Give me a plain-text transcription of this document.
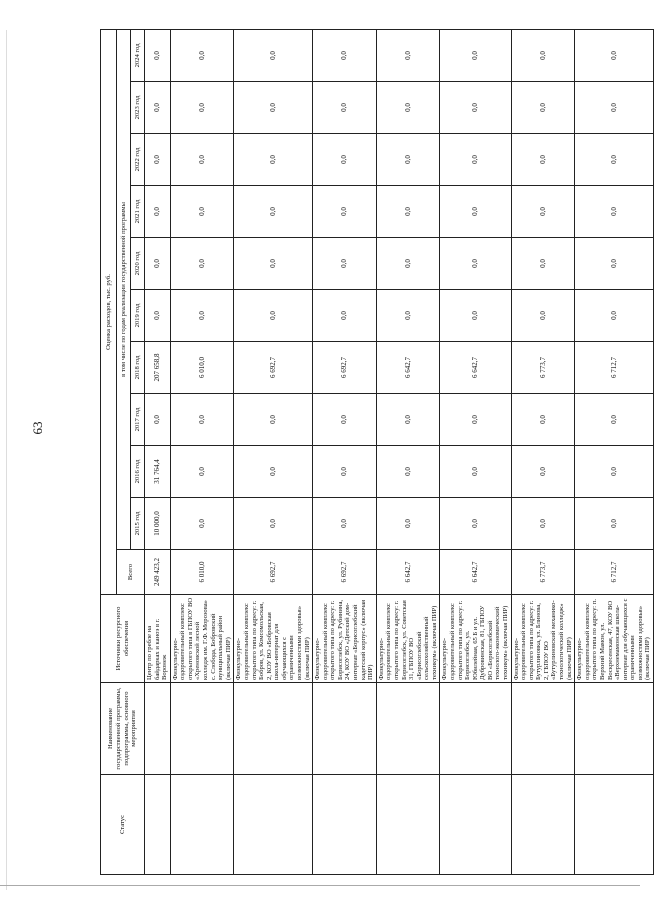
63
Статус	Наименование государственной программы, подпрограммы, основного мероприятия	Источники ресурсного обеспечения	Оценка расходов, тыс. руб.										
			Всего	в том числе по годам реализации государственной программы									
				2015 год	2016 год	2017 год	2018 год	2019 год	2020 год	2021 год	2022 год	2023 год	2024 год
		Центр по гребле на байдарках и каноэ в г. Воронеж	249 423,2	10 000,0	31 764,4	0,0	207 658,8	0,0	0,0	0,0	0,0	0,0	0,0
		Физкультурно-оздоровительный комплекс открытого типа в ГБПОУ ВО «Хреновской лесной колледж им. Г.Ф. Морозова» с. Слобода, Бобровский муниципальный район (включая ПИР)	6 010,0	0,0	0,0	0,0	6 010,0	0,0	0,0	0,0	0,0	0,0	0,0
		Физкультурно-оздоровительный комплекс открытого типа по адресу: г. Бобров, ул. Комсомольская, 2, КОУ ВО «Бобровская школа-интернат для обучающихся с ограниченными возможностями здоровья» (включая ПИР)	6 692,7	0,0	0,0	0,0	6 692,7	0,0	0,0	0,0	0,0	0,0	0,0
		Физкультурно-оздоровительный комплекс открытого типа по адресу: г. Борисоглебск, ул. Рубинина, 24, КОУ ВО «Детский дом-интернат «Борисоглебский кадетский корпус» (включая ПИР)	6 692,7	0,0	0,0	0,0	6 692,7	0,0	0,0	0,0	0,0	0,0	0,0
		Физкультурно-оздоровительный комплекс открытого типа по адресу: г. Борисоглебск, ул. Советская 31, ГБПОУ ВО «Борисоглебский сельскохозяйственный техникум» (включая ПИР)	6 642,7	0,0	0,0	0,0	6 642,7	0,0	0,0	0,0	0,0	0,0	0,0
		Физкультурно-оздоровительный комплекс открытого типа по адресу: г. Борисоглебск, ул. Юбилейная, 65 Б и ул. Дубровинская, 81, ГБПОУ ВО «Борисоглебский технолого-экономический техникум» (включая ПИР)	6 642,7	0,0	0,0	0,0	6 642,7	0,0	0,0	0,0	0,0	0,0	0,0
		Физкультурно-оздоровительный комплекс открытого типа по адресу: г. Бутурлиновка, ул. Блинова, 2, ГБПОУ ВО «Бутурлиновский механико-технологический колледж» (включая ПИР)	6 773,7	0,0	0,0	0,0	6 773,7	0,0	0,0	0,0	0,0	0,0	0,0
		Физкультурно-оздоровительный комплекс открытого типа по адресу: п. Верхний Мамон, ул. Воскресенская, 47, КОУ ВО «Верхнемамонская школа-интернат для обучающихся с ограниченными возможностями здоровья» (включая ПИР)	6 712,7	0,0	0,0	0,0	6 712,7	0,0	0,0	0,0	0,0	0,0	0,0
